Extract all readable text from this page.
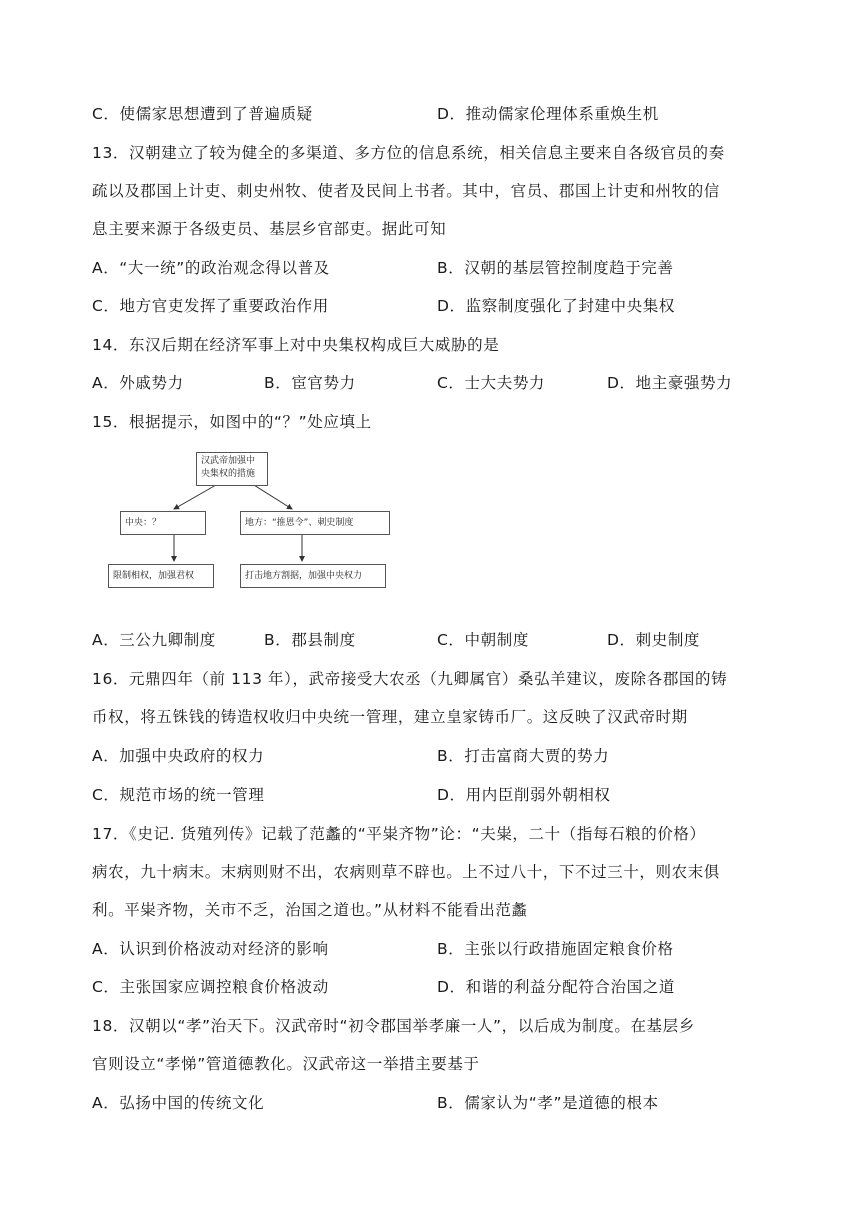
C．使儒家思想遭到了普遍质疑	D．推动儒家伦理体系重焕生机
13．汉朝建立了较为健全的多渠道、多方位的信息系统，相关信息主要来自各级官员的奏
疏以及郡国上计吏、刺史州牧、使者及民间上书者。其中，官员、郡国上计吏和州牧的信
息主要来源于各级吏员、基层乡官部吏。据此可知
A．“大一统”的政治观念得以普及	B．汉朝的基层管控制度趋于完善
C．地方官吏发挥了重要政治作用	D．监察制度强化了封建中央集权
14．东汉后期在经济军事上对中央集权构成巨大威胁的是
A．外戚势力	B．宦官势力	C．士大夫势力	D．地主豪强势力
15．根据提示，如图中的“？”处应填上
汉武帝加强中
央集权的措施
中央：？	地方：“推恩令”、刺史制度
限制相权，加强君权	打击地方割据，加强中央权力
A．三公九卿制度	B．郡县制度	C．中朝制度	D．刺史制度
16．元鼎四年（前 113 年），武帝接受大农丞（九卿属官）桑弘羊建议，废除各郡国的铸
币权，将五铢钱的铸造权收归中央统一管理，建立皇家铸币厂。这反映了汉武帝时期
A．加强中央政府的权力	B．打击富商大贾的势力
C．规范市场的统一管理	D．用内臣削弱外朝相权
17．《史记. 货殖列传》记载了范蠡的“平粜齐物”论：“夫粜，二十（指每石粮的价格）
病农，九十病末。末病则财不出，农病则草不辟也。上不过八十，下不过三十，则农末俱
利。平粜齐物，关市不乏，治国之道也。”从材料不能看出范蠡
A．认识到价格波动对经济的影响	B．主张以行政措施固定粮食价格
C．主张国家应调控粮食价格波动	D．和谐的利益分配符合治国之道
18．汉朝以“孝”治天下。汉武帝时“初令郡国举孝廉一人”，以后成为制度。在基层乡
官则设立“孝悌”管道德教化。汉武帝这一举措主要基于
A．弘扬中国的传统文化	B．儒家认为“孝”是道德的根本
